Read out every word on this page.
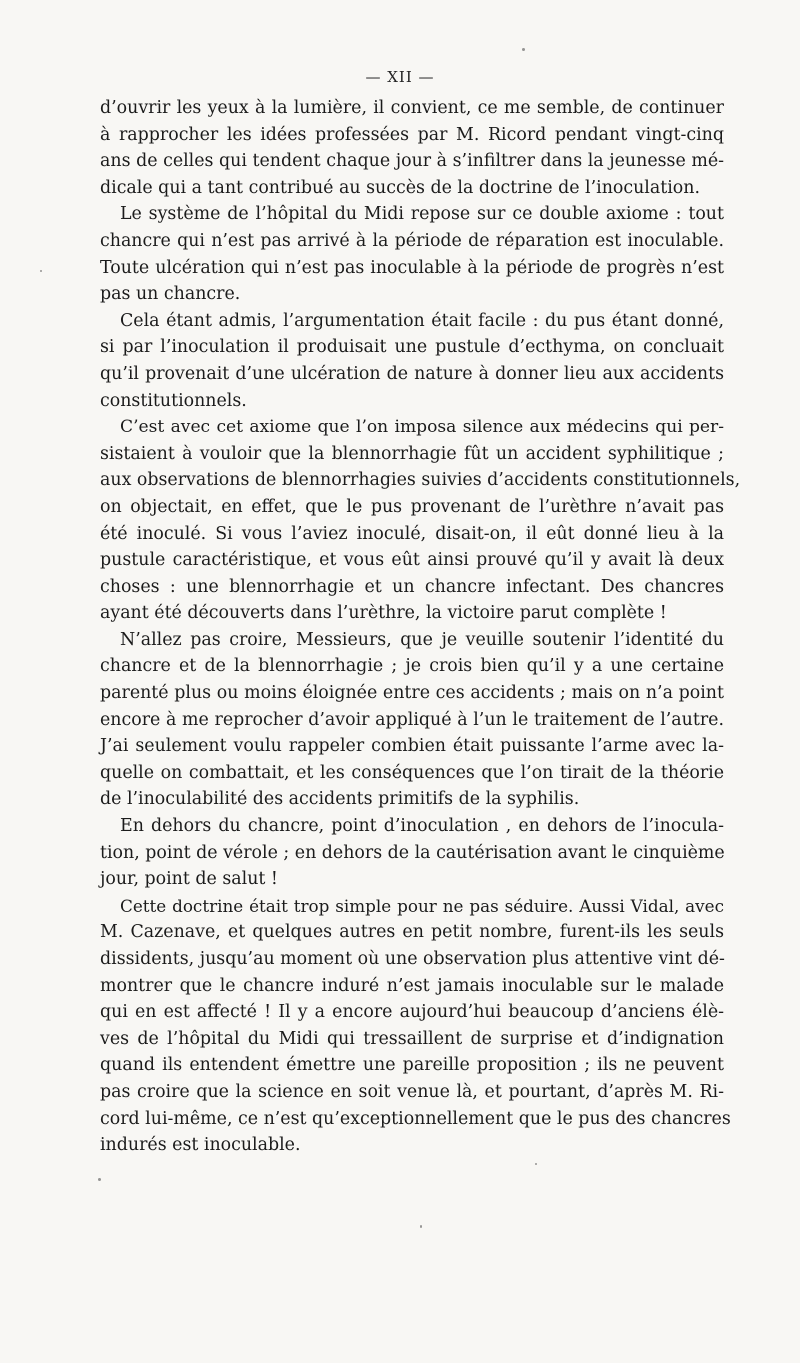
— XII —
d’ouvrir les yeux à la lumière, il convient, ce me semble, de continuer
à rapprocher les idées professées par M. Ricord pendant vingt-cinq
ans de celles qui tendent chaque jour à s’infiltrer dans la jeunesse mé-
dicale qui a tant contribué au succès de la doctrine de l’inoculation.
Le système de l’hôpital du Midi repose sur ce double axiome : tout
chancre qui n’est pas arrivé à la période de réparation est inoculable.
Toute ulcération qui n’est pas inoculable à la période de progrès n’est
pas un chancre.
Cela étant admis, l’argumentation était facile : du pus étant donné,
si par l’inoculation il produisait une pustule d’ecthyma, on concluait
qu’il provenait d’une ulcération de nature à donner lieu aux accidents
constitutionnels.
C’est avec cet axiome que l’on imposa silence aux médecins qui per-
sistaient à vouloir que la blennorrhagie fût un accident syphilitique ;
aux observations de blennorrhagies suivies d’accidents constitutionnels,
on objectait, en effet, que le pus provenant de l’urèthre n’avait pas
été inoculé. Si vous l’aviez inoculé, disait-on, il eût donné lieu à la
pustule caractéristique, et vous eût ainsi prouvé qu’il y avait là deux
choses : une blennorrhagie et un chancre infectant. Des chancres
ayant été découverts dans l’urèthre, la victoire parut complète !
N’allez pas croire, Messieurs, que je veuille soutenir l’identité du
chancre et de la blennorrhagie ; je crois bien qu’il y a une certaine
parenté plus ou moins éloignée entre ces accidents ; mais on n’a point
encore à me reprocher d’avoir appliqué à l’un le traitement de l’autre.
J’ai seulement voulu rappeler combien était puissante l’arme avec la-
quelle on combattait, et les conséquences que l’on tirait de la théorie
de l’inoculabilité des accidents primitifs de la syphilis.
En dehors du chancre, point d’inoculation , en dehors de l’inocula-
tion, point de vérole ; en dehors de la cautérisation avant le cinquième
jour, point de salut !
Cette doctrine était trop simple pour ne pas séduire. Aussi Vidal, avec
M. Cazenave, et quelques autres en petit nombre, furent-ils les seuls
dissidents, jusqu’au moment où une observation plus attentive vint dé-
montrer que le chancre induré n’est jamais inoculable sur le malade
qui en est affecté ! Il y a encore aujourd’hui beaucoup d’anciens élè-
ves de l’hôpital du Midi qui tressaillent de surprise et d’indignation
quand ils entendent émettre une pareille proposition ; ils ne peuvent
pas croire que la science en soit venue là, et pourtant, d’après M. Ri-
cord lui-même, ce n’est qu’exceptionnellement que le pus des chancres
indurés est inoculable.
